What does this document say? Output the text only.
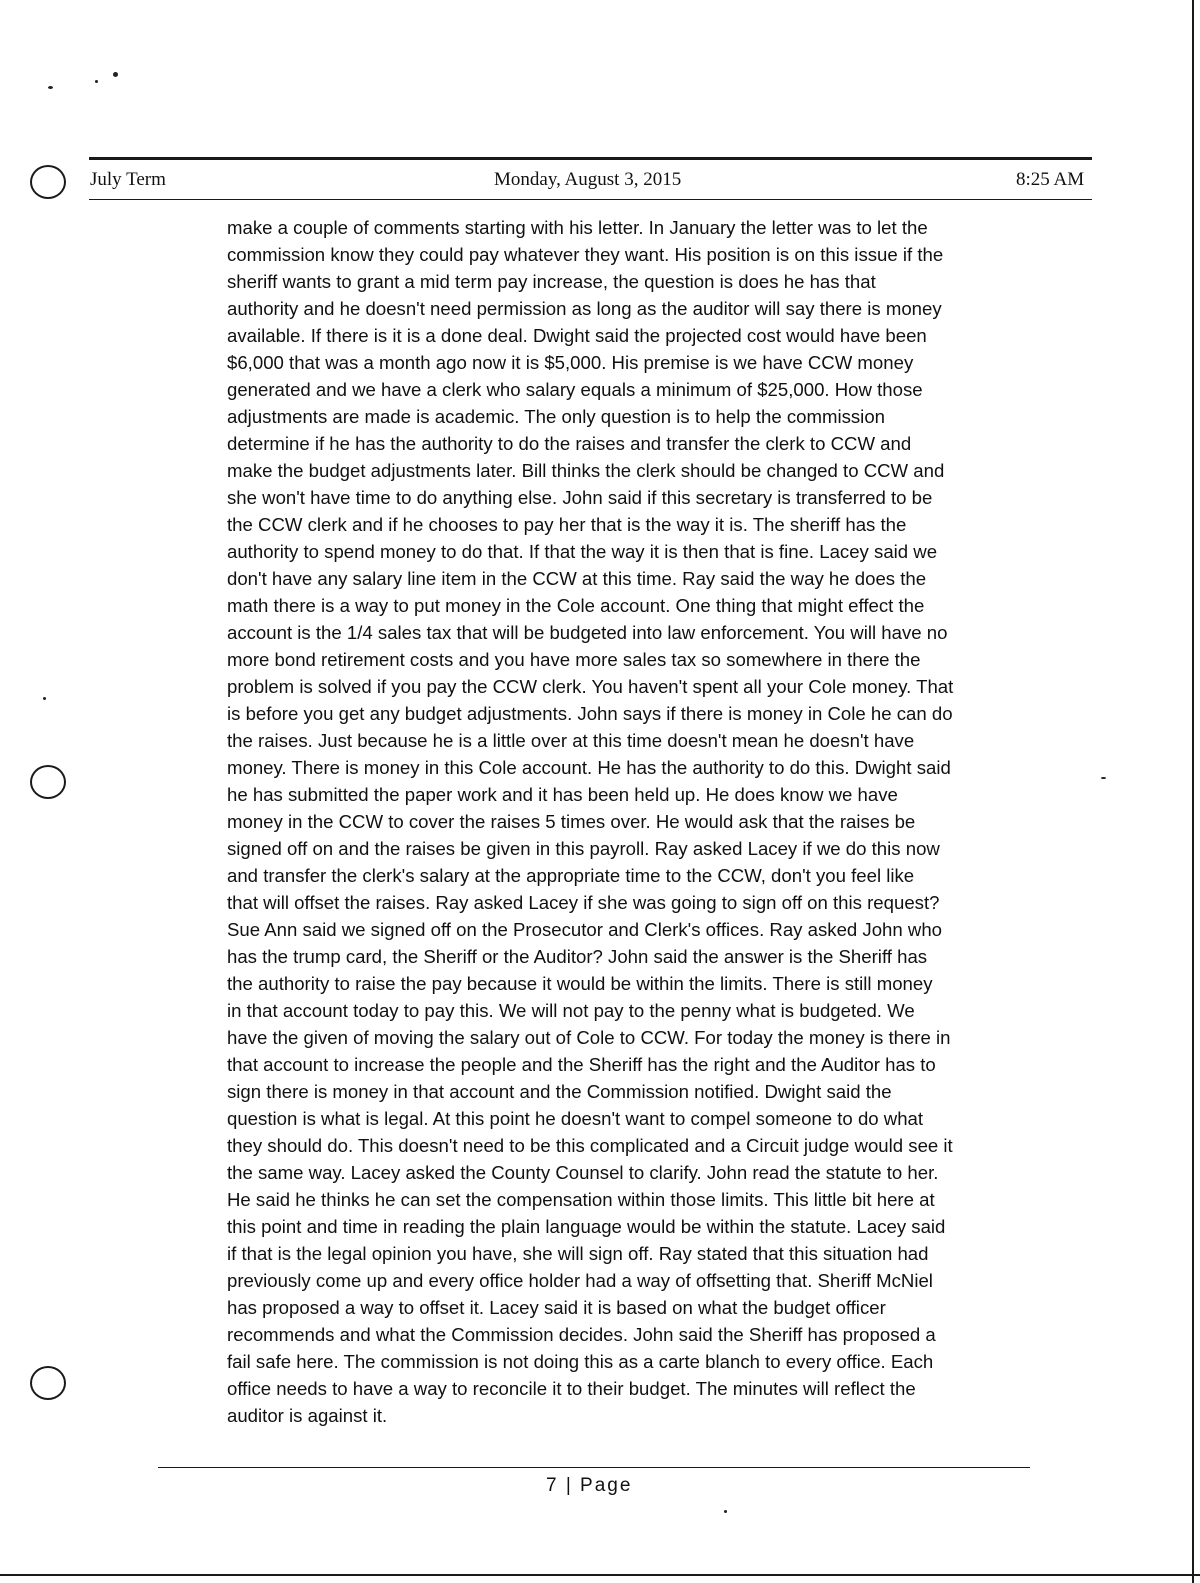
July Term	Monday, August 3, 2015	8:25 AM
make a couple of comments starting with his letter. In January the letter was to let the
commission know they could pay whatever they want. His position is on this issue if the
sheriff wants to grant a mid term pay increase, the question is does he has that
authority and he doesn't need permission as long as the auditor will say there is money
available. If there is it is a done deal. Dwight said the projected cost would have been
$6,000 that was a month ago now it is $5,000. His premise is we have CCW money
generated and we have a clerk who salary equals a minimum of $25,000. How those
adjustments are made is academic. The only question is to help the commission
determine if he has the authority to do the raises and transfer the clerk to CCW and
make the budget adjustments later. Bill thinks the clerk should be changed to CCW and
she won't have time to do anything else. John said if this secretary is transferred to be
the CCW clerk and if he chooses to pay her that is the way it is. The sheriff has the
authority to spend money to do that. If that the way it is then that is fine. Lacey said we
don't have any salary line item in the CCW at this time. Ray said the way he does the
math there is a way to put money in the Cole account. One thing that might effect the
account is the 1/4 sales tax that will be budgeted into law enforcement. You will have no
more bond retirement costs and you have more sales tax so somewhere in there the
problem is solved if you pay the CCW clerk. You haven't spent all your Cole money. That
is before you get any budget adjustments. John says if there is money in Cole he can do
the raises. Just because he is a little over at this time doesn't mean he doesn't have
money. There is money in this Cole account. He has the authority to do this. Dwight said
he has submitted the paper work and it has been held up. He does know we have
money in the CCW to cover the raises 5 times over. He would ask that the raises be
signed off on and the raises be given in this payroll. Ray asked Lacey if we do this now
and transfer the clerk's salary at the appropriate time to the CCW, don't you feel like
that will offset the raises. Ray asked Lacey if she was going to sign off on this request?
Sue Ann said we signed off on the Prosecutor and Clerk's offices. Ray asked John who
has the trump card, the Sheriff or the Auditor? John said the answer is the Sheriff has
the authority to raise the pay because it would be within the limits. There is still money
in that account today to pay this. We will not pay to the penny what is budgeted. We
have the given of moving the salary out of Cole to CCW. For today the money is there in
that account to increase the people and the Sheriff has the right and the Auditor has to
sign there is money in that account and the Commission notified. Dwight said the
question is what is legal. At this point he doesn't want to compel someone to do what
they should do. This doesn't need to be this complicated and a Circuit judge would see it
the same way. Lacey asked the County Counsel to clarify. John read the statute to her.
He said he thinks he can set the compensation within those limits. This little bit here at
this point and time in reading the plain language would be within the statute. Lacey said
if that is the legal opinion you have, she will sign off. Ray stated that this situation had
previously come up and every office holder had a way of offsetting that. Sheriff McNiel
has proposed a way to offset it. Lacey said it is based on what the budget officer
recommends and what the Commission decides. John said the Sheriff has proposed a
fail safe here. The commission is not doing this as a carte blanch to every office. Each
office needs to have a way to reconcile it to their budget. The minutes will reflect the
auditor is against it.
7 | Page
